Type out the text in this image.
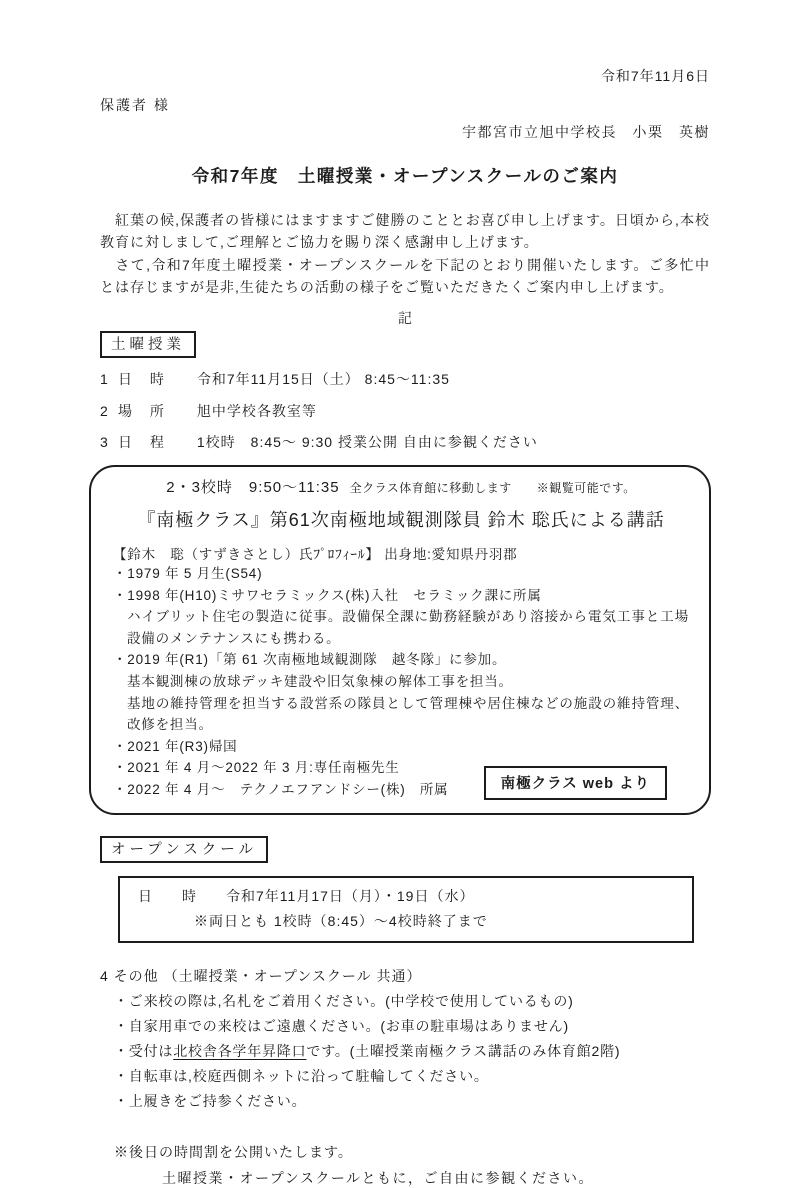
令和7年11月6日
保護者 様
宇都宮市立旭中学校長　小栗　英樹
令和7年度　土曜授業・オープンスクールのご案内

　紅葉の候,保護者の皆様にはますますご健勝のこととお喜び申し上げます。日頃から,本校教育に対しまして,ご理解とご協力を賜り深く感謝申し上げます。

　さて,令和7年度土曜授業・オープンスクールを下記のとおり開催いたします。ご多忙中とは存じますが是非,生徒たちの活動の様子をご覧いただきたくご案内申し上げます。

記
土曜授業
1 日 時 令和7年11月15日（土） 8:45～11:35
2 場 所 旭中学校各教室等
3 日 程 1校時　8:45～ 9:30 授業公開 自由に参観ください
2・3校時　9:50～11:35 全クラス体育館に移動します　　※観覧可能です。
『南極クラス』第61次南極地域観測隊員 鈴木 聡氏による講話
【鈴木　聡（すずきさとし）氏ﾌﾟﾛﾌｨｰﾙ】 出身地:愛知県丹羽郡
・1979 年 5 月生(S54)
・1998 年(H10)ミサワセラミックス(株)入社　セラミック課に所属
ハイブリット住宅の製造に従事。設備保全課に勤務経験があり溶接から電気工事と工場設備のメンテナンスにも携わる。
・2019 年(R1)「第 61 次南極地域観測隊　越冬隊」に参加。
基本観測棟の放球デッキ建設や旧気象棟の解体工事を担当。
基地の維持管理を担当する設営系の隊員として管理棟や居住棟などの施設の維持管理、改修を担当。
・2021 年(R3)帰国
・2021 年 4 月～2022 年 3 月:専任南極先生
・2022 年 4 月～　テクノエフアンドシー(株)　所属	南極クラス web より
オープンスクール
日　時 令和7年11月17日（月）・19日（水）
※両日とも 1校時（8:45）～4校時終了まで
4 その他 （土曜授業・オープンスクール 共通）
・ご来校の際は,名札をご着用ください。(中学校で使用しているもの)
・自家用車での来校はご遠慮ください。(お車の駐車場はありません)
・受付は北校舎各学年昇降口です。(土曜授業南極クラス講話のみ体育館2階)
・自転車は,校庭西側ネットに沿って駐輪してください。
・上履きをご持参ください。
※後日の時間割を公開いたします。
土曜授業・オープンスクールともに，ご自由に参観ください。
